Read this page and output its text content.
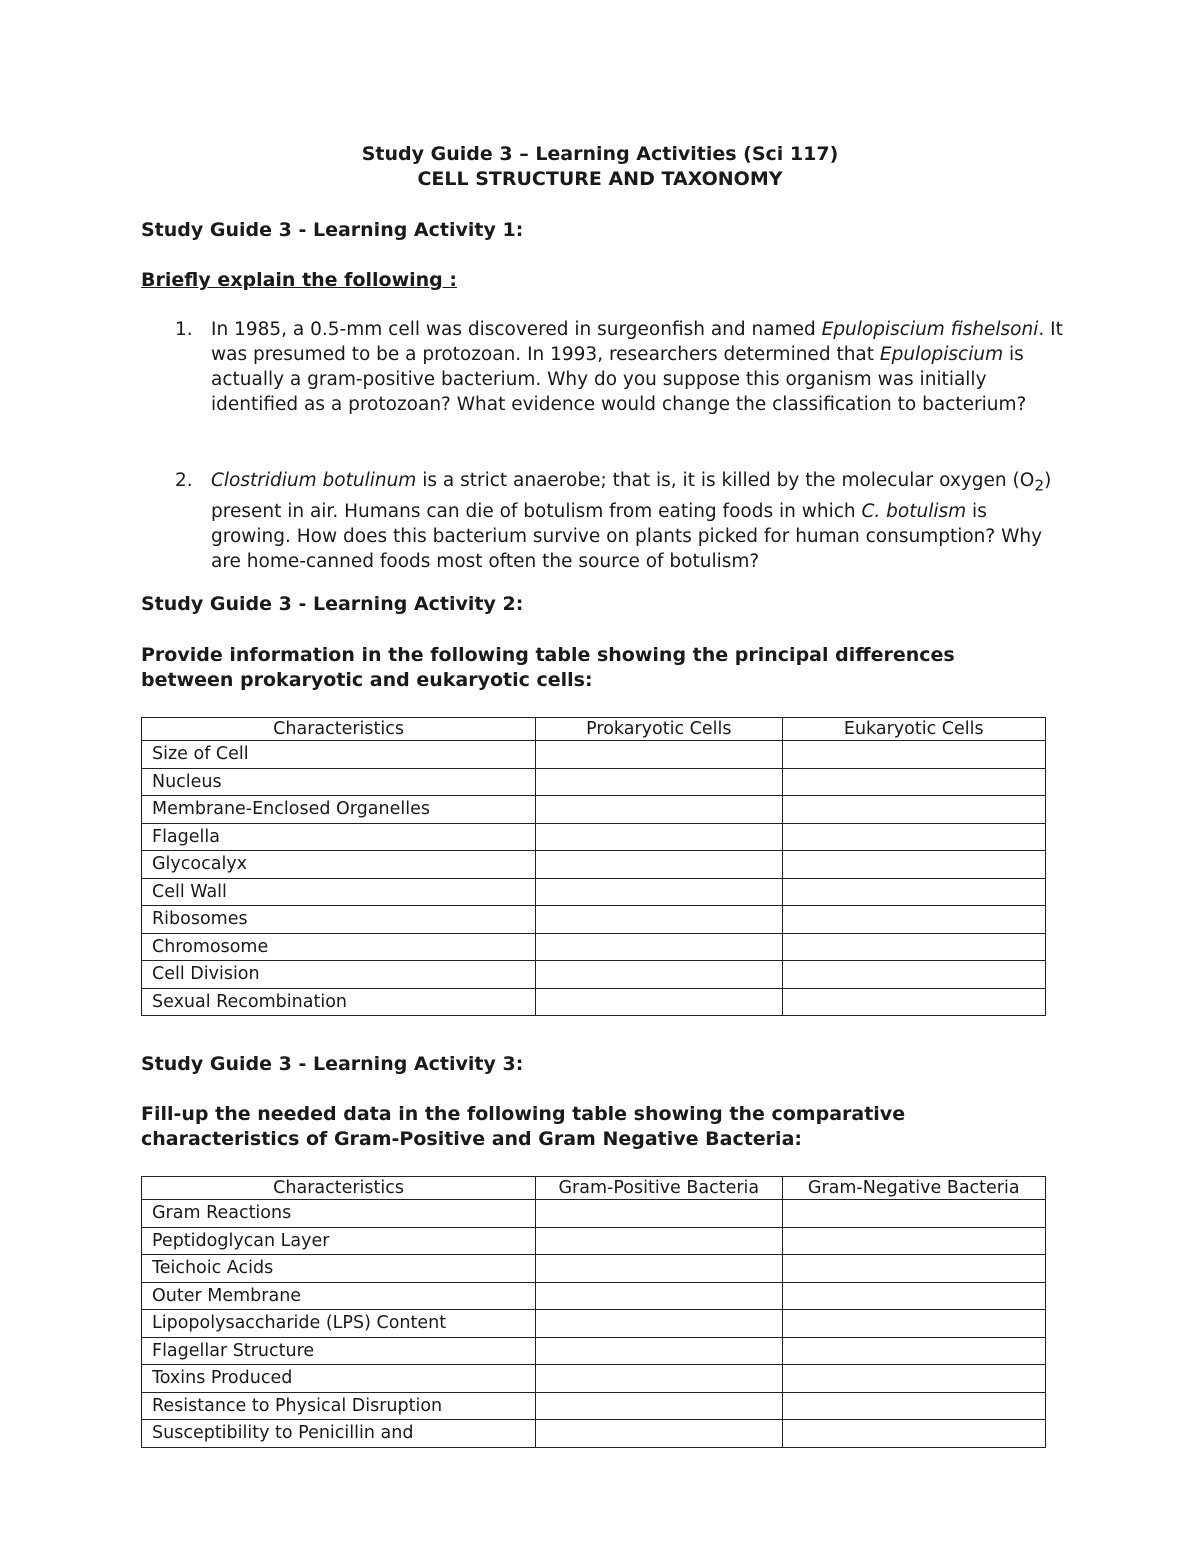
Study Guide 3 – Learning Activities (Sci 117)
CELL STRUCTURE AND TAXONOMY
Study Guide 3 - Learning Activity 1:
Briefly explain the following :
1. In 1985, a 0.5-mm cell was discovered in surgeonfish and named Epulopiscium fishelsoni. It was presumed to be a protozoan. In 1993, researchers determined that Epulopiscium is actually a gram-positive bacterium. Why do you suppose this organism was initially identified as a protozoan? What evidence would change the classification to bacterium?
2. Clostridium botulinum is a strict anaerobe; that is, it is killed by the molecular oxygen $(O_2)$ present in air. Humans can die of botulism from eating foods in which C. botulism is growing. How does this bacterium survive on plants picked for human consumption? Why are home-canned foods most often the source of botulism?
Study Guide 3 - Learning Activity 2:
Provide information in the following table showing the principal differences between prokaryotic and eukaryotic cells:
Characteristics	Prokaryotic Cells	Eukaryotic Cells
Size of Cell		
Nucleus		
Membrane-Enclosed Organelles		
Flagella		
Glycocalyx		
Cell Wall		
Ribosomes		
Chromosome		
Cell Division		
Sexual Recombination		
Study Guide 3 - Learning Activity 3:
Fill-up the needed data in the following table showing the comparative characteristics of Gram-Positive and Gram Negative Bacteria:
Characteristics	Gram-Positive Bacteria	Gram-Negative Bacteria
Gram Reactions		
Peptidoglycan Layer		
Teichoic Acids		
Outer Membrane		
Lipopolysaccharide (LPS) Content		
Flagellar Structure		
Toxins Produced		
Resistance to Physical Disruption		
Susceptibility to Penicillin and		
